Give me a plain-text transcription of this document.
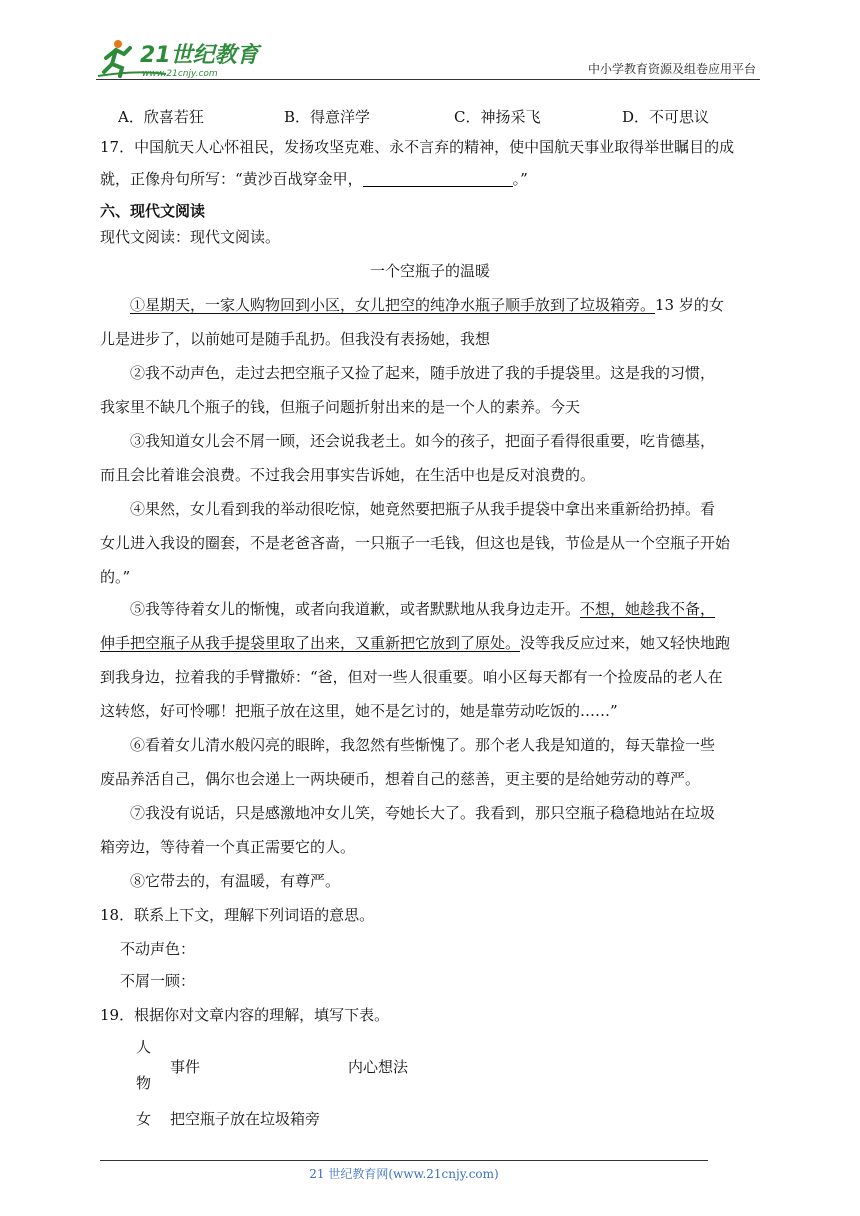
21世纪教育
www.21cnjy.com	中小学教育资源及组卷应用平台
A．欣喜若狂	B．得意洋学	C．神扬采飞	D．不可思议
17．中国航天人心怀祖民，发扬攻坚克难、永不言弃的精神，使中国航天事业取得举世瞩目的成
就，正像舟句所写：“黄沙百战穿金甲，	。”
六、现代文阅读
现代文阅读：现代文阅读。
一个空瓶子的温暖
①星期天，一家人购物回到小区，女儿把空的纯净水瓶子顺手放到了垃圾箱旁。13 岁的女
儿是进步了，以前她可是随手乱扔。但我没有表扬她，我想
②我不动声色，走过去把空瓶子又捡了起来，随手放进了我的手提袋里。这是我的习惯，
我家里不缺几个瓶子的钱，但瓶子问题折射出来的是一个人的素养。今天
③我知道女儿会不屑一顾，还会说我老土。如今的孩子，把面子看得很重要，吃肯德基，
而且会比着谁会浪费。不过我会用事实告诉她，在生活中也是反对浪费的。
④果然，女儿看到我的举动很吃惊，她竟然要把瓶子从我手提袋中拿出来重新给扔掉。看
女儿进入我设的圈套，不是老爸吝啬，一只瓶子一毛钱，但这也是钱，节俭是从一个空瓶子开始
的。”
⑤我等待着女儿的惭愧，或者向我道歉，或者默默地从我身边走开。不想，她趁我不备，
伸手把空瓶子从我手提袋里取了出来，又重新把它放到了原处。没等我反应过来，她又轻快地跑
到我身边，拉着我的手臂撒娇：“爸，但对一些人很重要。咱小区每天都有一个捡废品的老人在
这转悠，好可怜哪！把瓶子放在这里，她不是乞讨的，她是靠劳动吃饭的……”
⑥看着女儿清水般闪亮的眼眸，我忽然有些惭愧了。那个老人我是知道的，每天靠捡一些
废品养活自己，偶尔也会递上一两块硬币，想着自己的慈善，更主要的是给她劳动的尊严。
⑦我没有说话，只是感激地冲女儿笑，夸她长大了。我看到，那只空瓶子稳稳地站在垃圾
箱旁边，等待着一个真正需要它的人。
⑧它带去的，有温暖，有尊严。
18．联系上下文，理解下列词语的意思。
不动声色：
不屑一顾：
19．根据你对文章内容的理解，填写下表。
人
物
事件	内心想法
女 把空瓶子放在垃圾箱旁
21 世纪教育网(www.21cnjy.com)
